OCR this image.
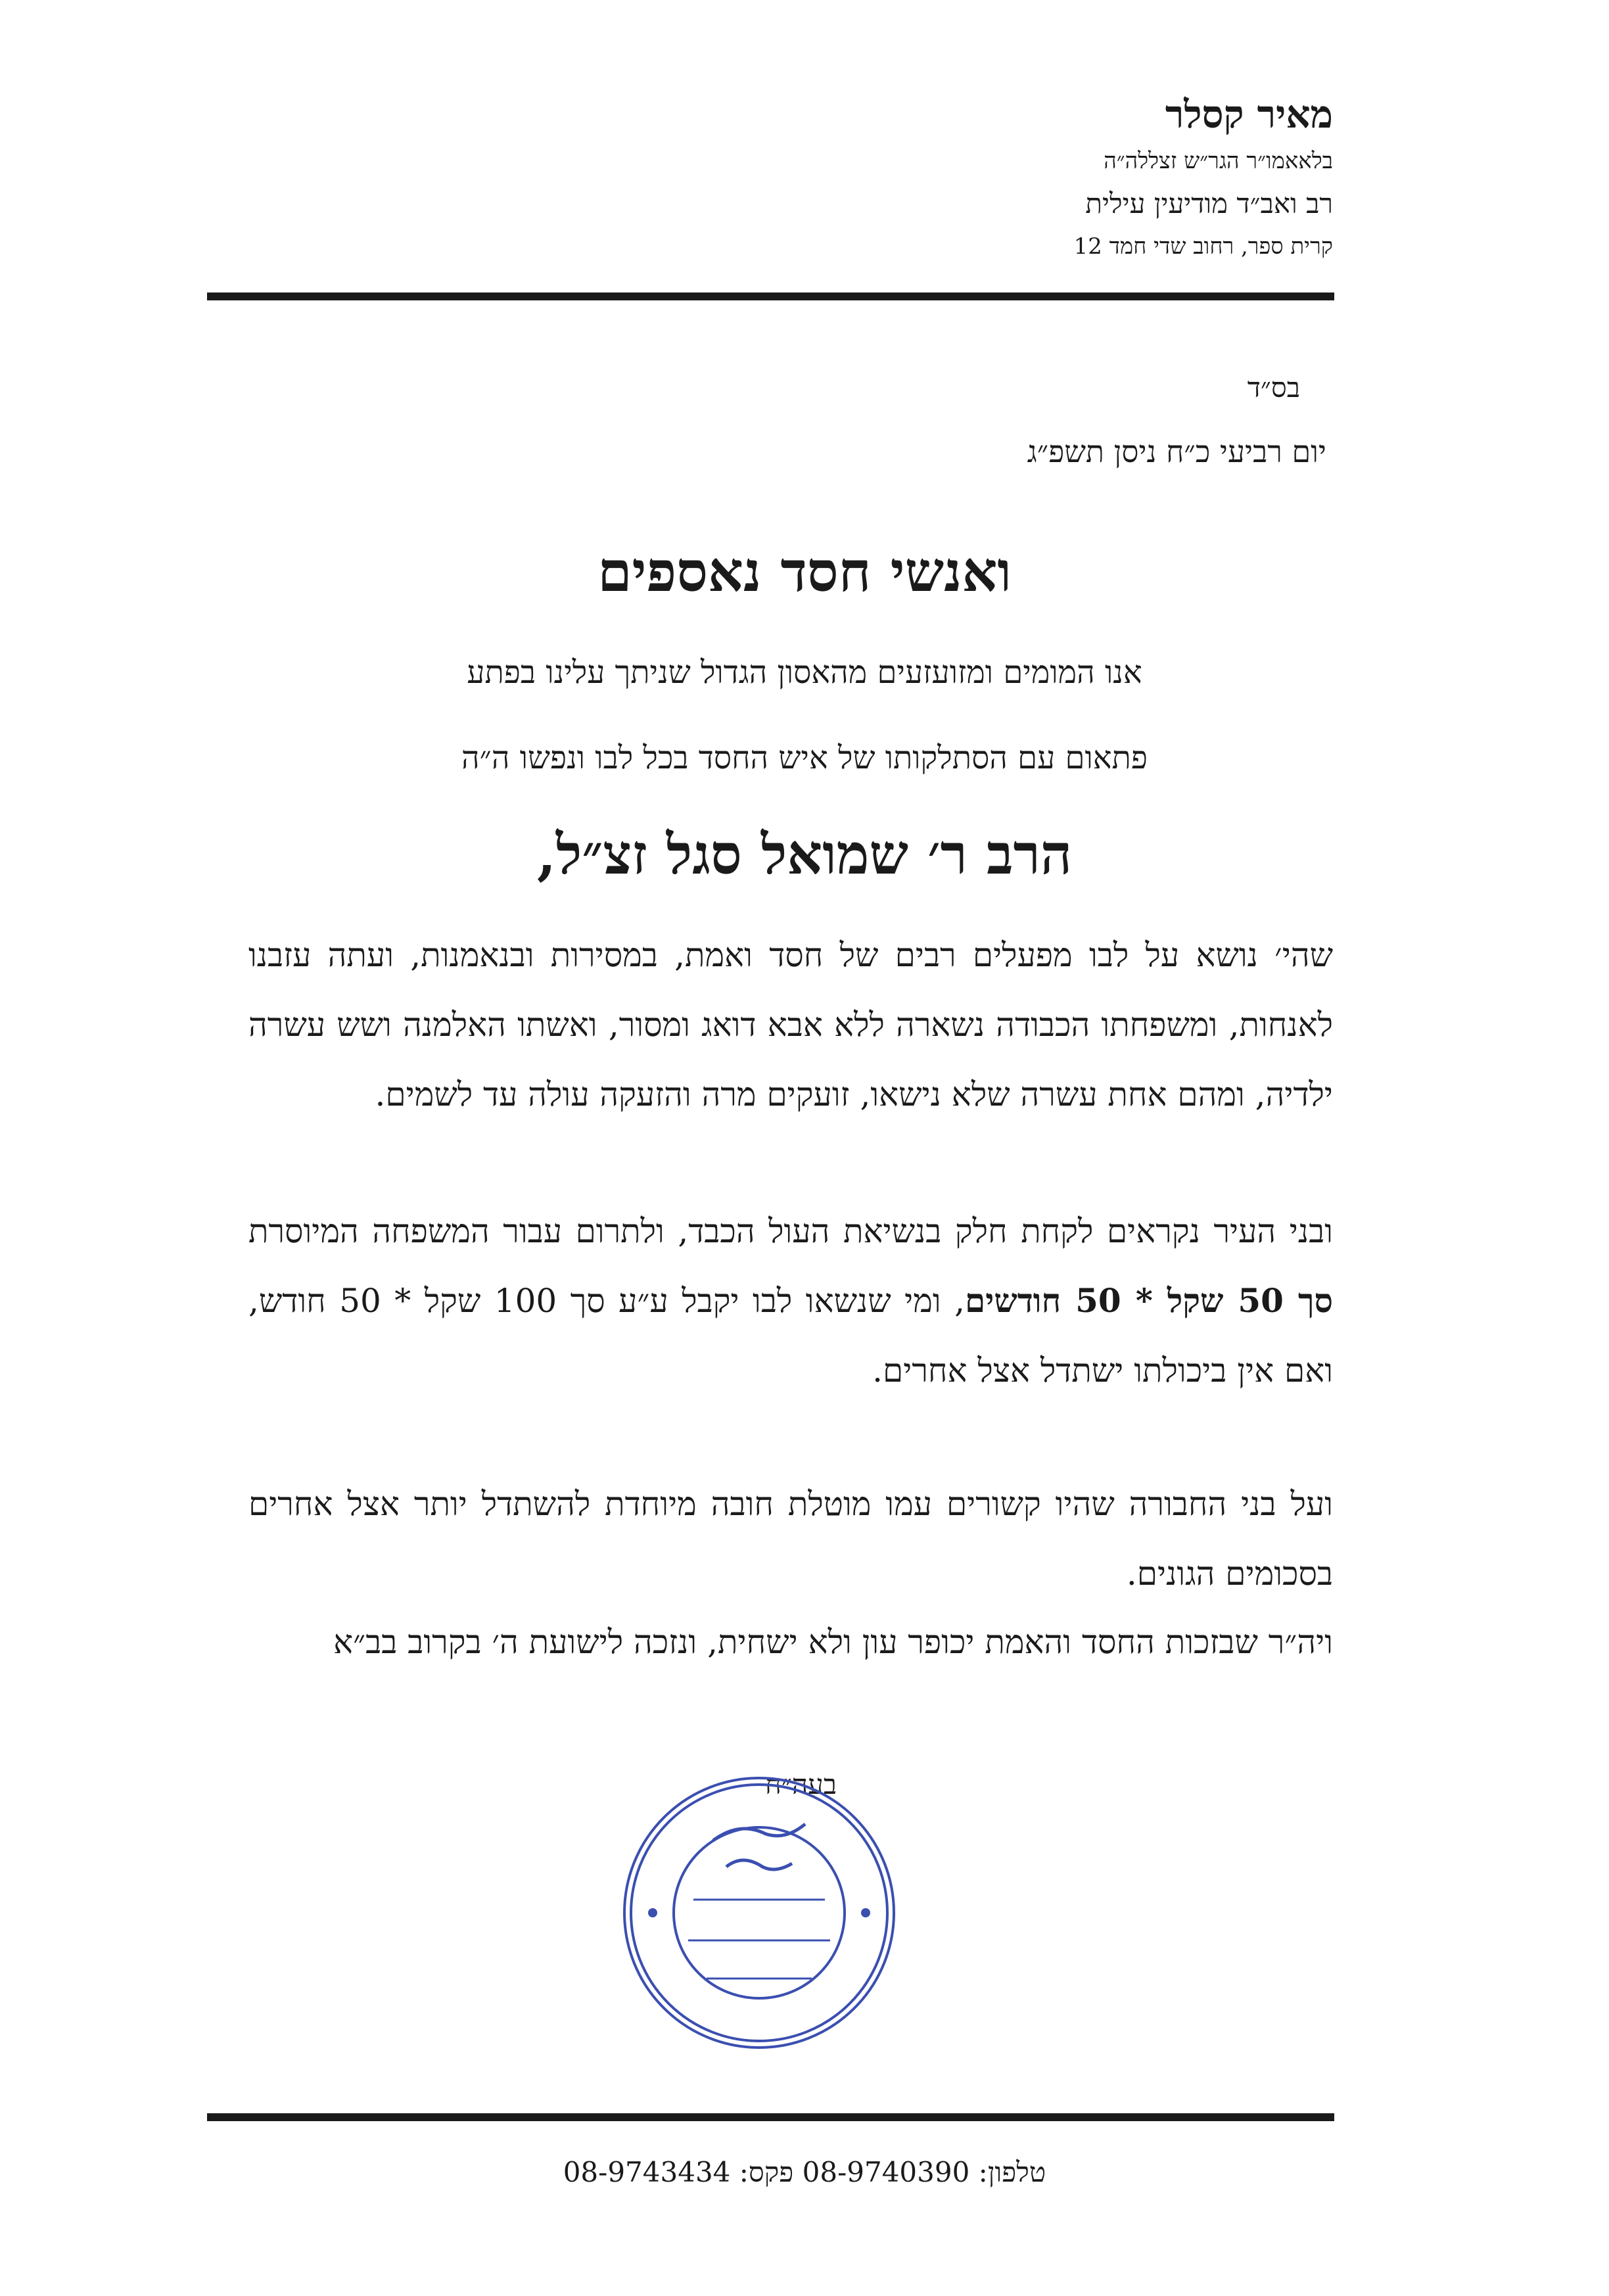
מאיר קסלר
בלאאמו״ר הגר״ש זצללה״ה
רב ואב״ד מודיעין עילית
קרית ספר, רחוב שדי חמד 12
בס״ד
יום רביעי כ״ח ניסן תשפ״ג
ואנשי חסד נאספים
אנו המומים ומזועזעים מהאסון הגדול שניתך עלינו בפתע
פתאום עם הסתלקותו של איש החסד בכל לבו ונפשו ה״ה
הרב ר׳ שמואל סגל זצ״ל,
שהי׳ נושא על לבו מפעלים רבים של חסד ואמת, במסירות ובנאמנות, ועתה עזבנו לאנחות, ומשפחתו הכבודה נשארה ללא אבא דואג ומסור, ואשתו האלמנה ושש עשרה ילדיה, ומהם אחת עשרה שלא נישאו, זועקים מרה והזעקה עולה עד לשמים.
ובני העיר נקראים לקחת חלק בנשיאת העול הכבד, ולתרום עבור המשפחה המיוסרת סך 50 שקל * 50 חודשים, ומי שנשאו לבו יקבל ע״ע סך 100 שקל * 50 חודש, ואם אין ביכולתו ישתדל אצל אחרים.
ועל בני החבורה שהיו קשורים עמו מוטלת חובה מיוחדת להשתדל יותר אצל אחרים בסכומים הגונים.
ויה״ר שבזכות החסד והאמת יכופר עון ולא ישחית, ונזכה לישועת ה׳ בקרוב בב״א
בעה״ח
טלפון: 08-9740390 פקס: 08-9743434
